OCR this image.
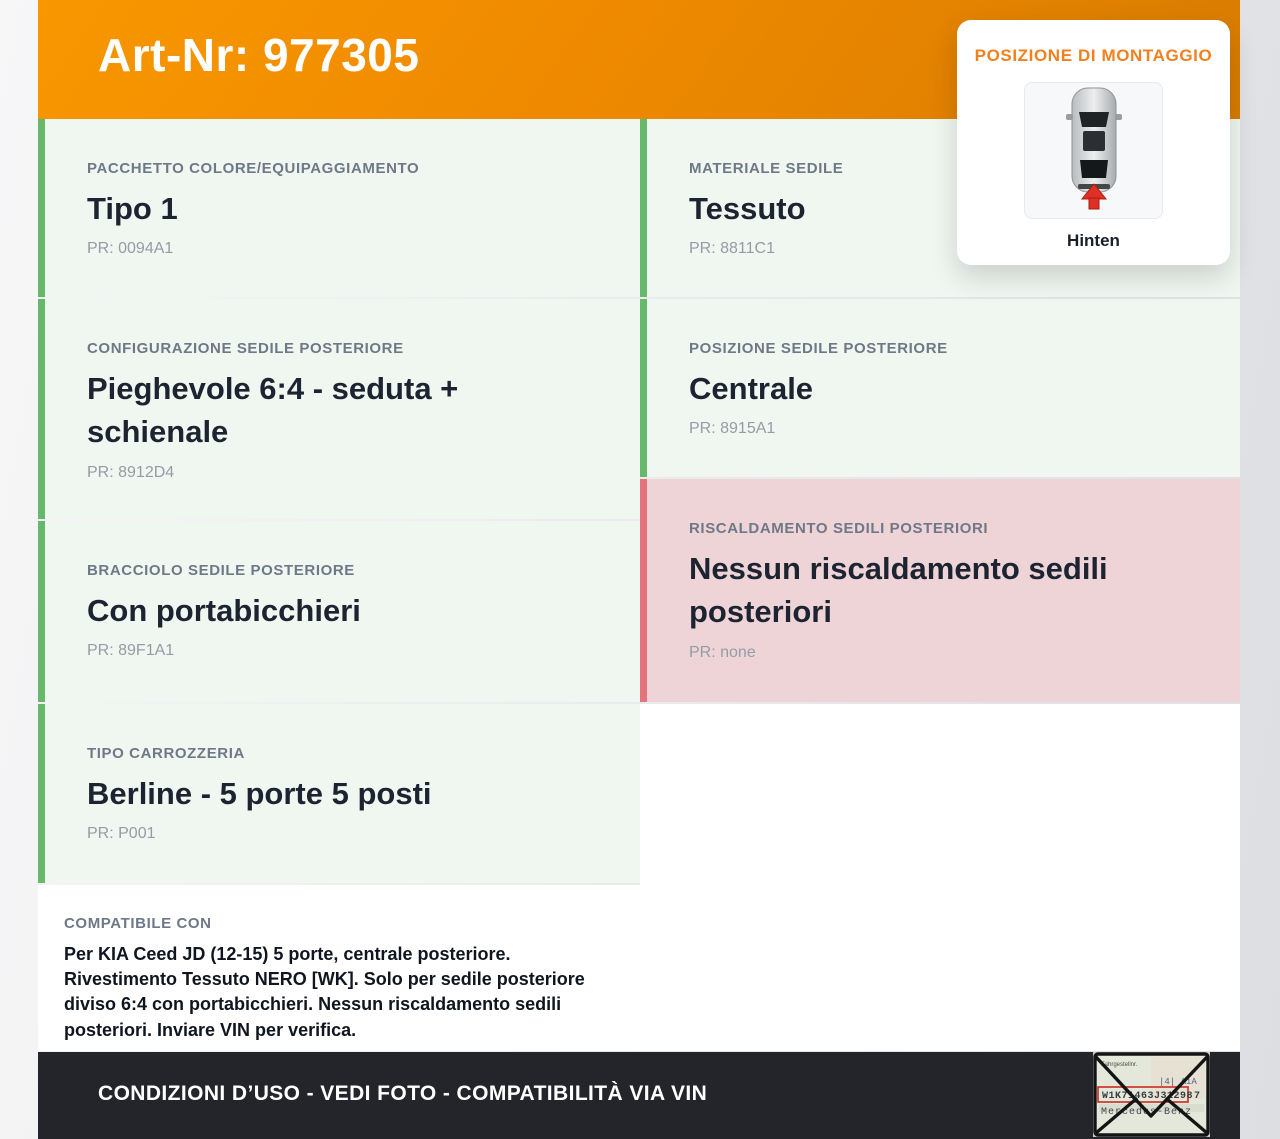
Art-Nr: 977305	POSIZIONE DI MONTAGGIO
Hinten
PACCHETTO COLORE/EQUIPAGGIAMENTO
Tipo 1
PR: 0094A1
CONFIGURAZIONE SEDILE POSTERIORE
Pieghevole 6:4 - seduta + schienale
PR: 8912D4
BRACCIOLO SEDILE POSTERIORE
Con portabicchieri
PR: 89F1A1
TIPO CARROZZERIA
Berline - 5 porte 5 posti
PR: P001
COMPATIBILE CON
Per KIA Ceed JD (12-15) 5 porte, centrale posteriore. Rivestimento Tessuto NERO [WK]. Solo per sedile posteriore diviso 6:4 con portabicchieri. Nessun riscaldamento sedili posteriori. Inviare VIN per verifica.
MATERIALE SEDILE
Tessuto
PR: 8811C1
POSIZIONE SEDILE POSTERIORE
Centrale
PR: 8915A1
RISCALDAMENTO SEDILI POSTERIORI
Nessun riscaldamento sedili posteriori
PR: none
CONDIZIONI D’USO - VEDI FOTO - COMPATIBILITÀ VIA VIN
Fahrgestellnr.
|4| AiA
W1K71463J31298 7
Mercedes-Benz
